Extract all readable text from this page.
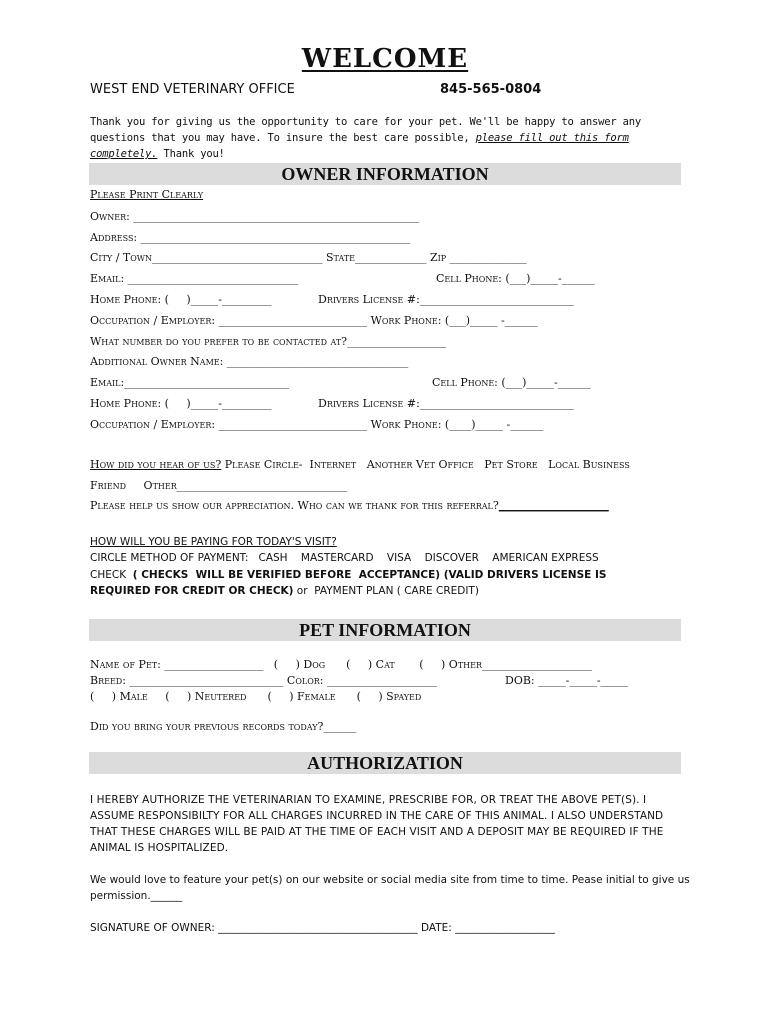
WELCOME
WEST END VETERINARY OFFICE	845-565-0804
Thank you for giving us the opportunity to care for your pet. We'll be happy to answer any questions that you may have. To insure the best care possible, please fill out this form completely. Thank you!
OWNER INFORMATION
Please Print Clearly
Owner: ____________________________________________________
Address: _________________________________________________
City / Town_______________________________ State_____________ Zip ______________
Email: _______________________________	Cell Phone: (___)_____-______
Home Phone: (     )_____-_________	Drivers License #:____________________________
Occupation / Employer: ___________________________ Work Phone: (___)_____ -______
What number do you prefer to be contacted at?__________________
Additional Owner Name: _________________________________
Email:______________________________	Cell Phone: (___)_____-______
Home Phone: (     )_____-_________	Drivers License #:____________________________
Occupation / Employer: ___________________________ Work Phone: (____)_____ -______
How did you hear of us? Please Circle-  Internet   Another Vet Office   Pet Store   Local Business
Friend     Other_______________________________
Please help us show our appreciation. Who can we thank for this referral?____________________
HOW WILL YOU BE PAYING FOR TODAY'S VISIT?
CIRCLE METHOD OF PAYMENT: CASH    MASTERCARD    VISA    DISCOVER    AMERICAN EXPRESS
CHECK  ( CHECKS  WILL BE VERIFIED BEFORE  ACCEPTANCE) (VALID DRIVERS LICENSE IS
REQUIRED FOR CREDIT OR CHECK) or  PAYMENT PLAN ( CARE CREDIT)
PET INFORMATION
Name of Pet: __________________   (     ) Dog      (     ) Cat       (     ) Other____________________
Breed: ____________________________ Color: ____________________	DOB: _____-_____-_____
(     ) Male     (     ) Neutered      (     ) Female      (     ) Spayed
Did you bring your previous records today?______
AUTHORIZATION
I HEREBY AUTHORIZE THE VETERINARIAN TO EXAMINE, PRESCRIBE FOR, OR TREAT THE ABOVE PET(S). I ASSUME RESPONSIBILTY FOR ALL CHARGES INCURRED IN THE CARE OF THIS ANIMAL. I ALSO UNDERSTAND THAT THESE CHARGES WILL BE PAID AT THE TIME OF EACH VISIT AND A DEPOSIT MAY BE REQUIRED IF THE ANIMAL IS HOSPITALIZED.
We would love to feature your pet(s) on our website or social media site from time to time. Pease initial to give us permission.______
SIGNATURE OF OWNER: ______________________________________ DATE: ___________________
